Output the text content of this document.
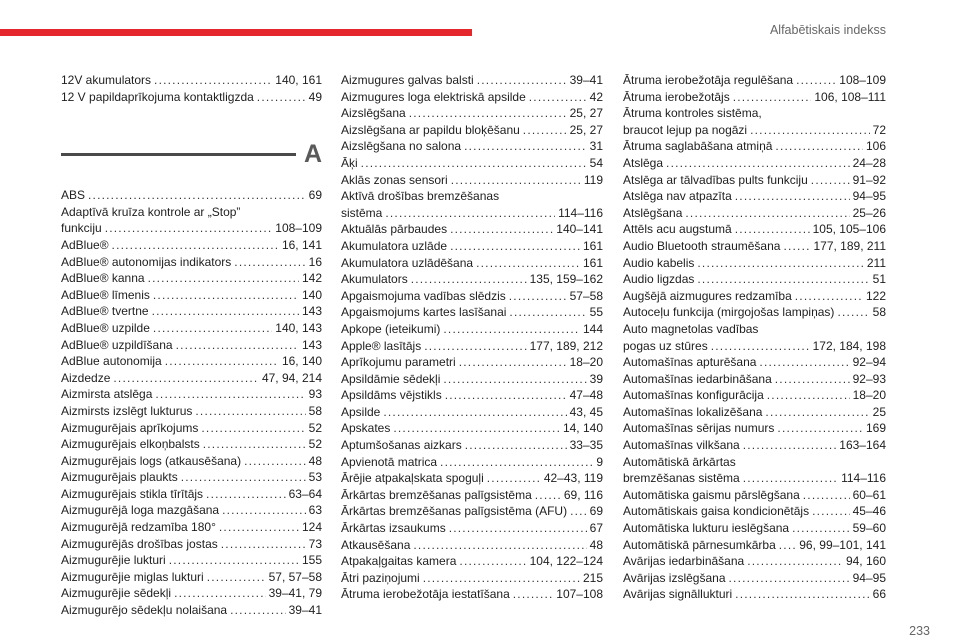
Alfabētiskais indekss
12V akumulators .....	140, 161
12 V papildaprīkojuma kontaktligzda .....	49
A
ABS .....	69
Adaptīvā kruīza kontrole ar „Stop”
funkciju .....	108–109
AdBlue® .....	16, 141
AdBlue® autonomijas indikators .....	16
AdBlue® kanna .....	142
AdBlue® līmenis .....	140
AdBlue® tvertne .....	143
AdBlue® uzpilde .....	140, 143
AdBlue® uzpildīšana .....	143
AdBlue autonomija .....	16, 140
Aizdedze .....	47, 94, 214
Aizmirsta atslēga .....	93
Aizmirsts izslēgt lukturus .....	58
Aizmugurējais aprīkojums .....	52
Aizmugurējais elkoņbalsts .....	52
Aizmugurējais logs (atkausēšana) .....	48
Aizmugurējais plaukts .....	53
Aizmugurējais stikla tīrītājs .....	63–64
Aizmugurējā loga mazgāšana .....	63
Aizmugurējā redzamība 180° .....	124
Aizmugurējās drošības jostas .....	73
Aizmugurējie lukturi .....	155
Aizmugurējie miglas lukturi .....	57, 57–58
Aizmugurējie sēdekļi .....	39–41, 79
Aizmugurējo sēdekļu nolaišana .....	39–41
Aizmugures galvas balsti .....	39–41
Aizmugures loga elektriskā apsilde .....	42
Aizslēgšana .....	25, 27
Aizslēgšana ar papildu bloķēšanu .....	25, 27
Aizslēgšana no salona .....	31
Āķi .....	54
Aklās zonas sensori .....	119
Aktīvā drošības bremzēšanas
sistēma .....	114–116
Aktuālās pārbaudes .....	140–141
Akumulatora uzlāde .....	161
Akumulatora uzlādēšana .....	161
Akumulators .....	135, 159–162
Apgaismojuma vadības slēdzis .....	57–58
Apgaismojums kartes lasīšanai .....	55
Apkope (ieteikumi) .....	144
Apple® lasītājs .....	177, 189, 212
Aprīkojumu parametri .....	18–20
Apsildāmie sēdekļi .....	39
Apsildāms vējstikls .....	47–48
Apsilde .....	43, 45
Apskates .....	14, 140
Aptumšošanas aizkars .....	33–35
Apvienotā matrica .....	9
Ārējie atpakaļskata spoguļi .....	42–43, 119
Ārkārtas bremzēšanas palīgsistēma .....	69, 116
Ārkārtas bremzēšanas palīgsistēma (AFU) ..... 69
Ārkārtas izsaukums .....	67
Atkausēšana .....	48
Atpakaļgaitas kamera .....	104, 122–124
Ātri paziņojumi .....	215
Ātruma ierobežotāja iestatīšana .....	107–108
Ātruma ierobežotāja regulēšana .....	108–109
Ātruma ierobežotājs .....	106, 108–111
Ātruma kontroles sistēma,
braucot lejup pa nogāzi .....	72
Ātruma saglabāšana atmiņā .....	106
Atslēga .....	24–28
Atslēga ar tālvadības pults funkciju .....	91–92
Atslēga nav atpazīta .....	94–95
Atslēgšana .....	25–26
Attēls acu augstumā .....	105, 105–106
Audio Bluetooth straumēšana .....	177, 189, 211
Audio kabelis .....	211
Audio ligzdas .....	51
Augšējā aizmugures redzamība .....	122
Autoceļu funkcija (mirgojošas lampiņas) .....	58
Auto magnetolas vadības
pogas uz stūres .....	172, 184, 198
Automašīnas apturēšana .....	92–94
Automašīnas iedarbināšana .....	92–93
Automašīnas konfigurācija .....	18–20
Automašīnas lokalizēšana .....	25
Automašīnas sērijas numurs .....	169
Automašīnas vilkšana .....	163–164
Automātiskā ārkārtas
bremzēšanas sistēma .....	114–116
Automātiska gaismu pārslēgšana .....	60–61
Automātiskais gaisa kondicionētājs .....	45–46
Automātiska lukturu ieslēgšana .....	59–60
Automātiskā pārnesumkārba ..... 96, 99–101, 141
Avārijas iedarbināšana .....	94, 160
Avārijas izslēgšana .....	94–95
Avārijas signāllukturi .....	66
233
